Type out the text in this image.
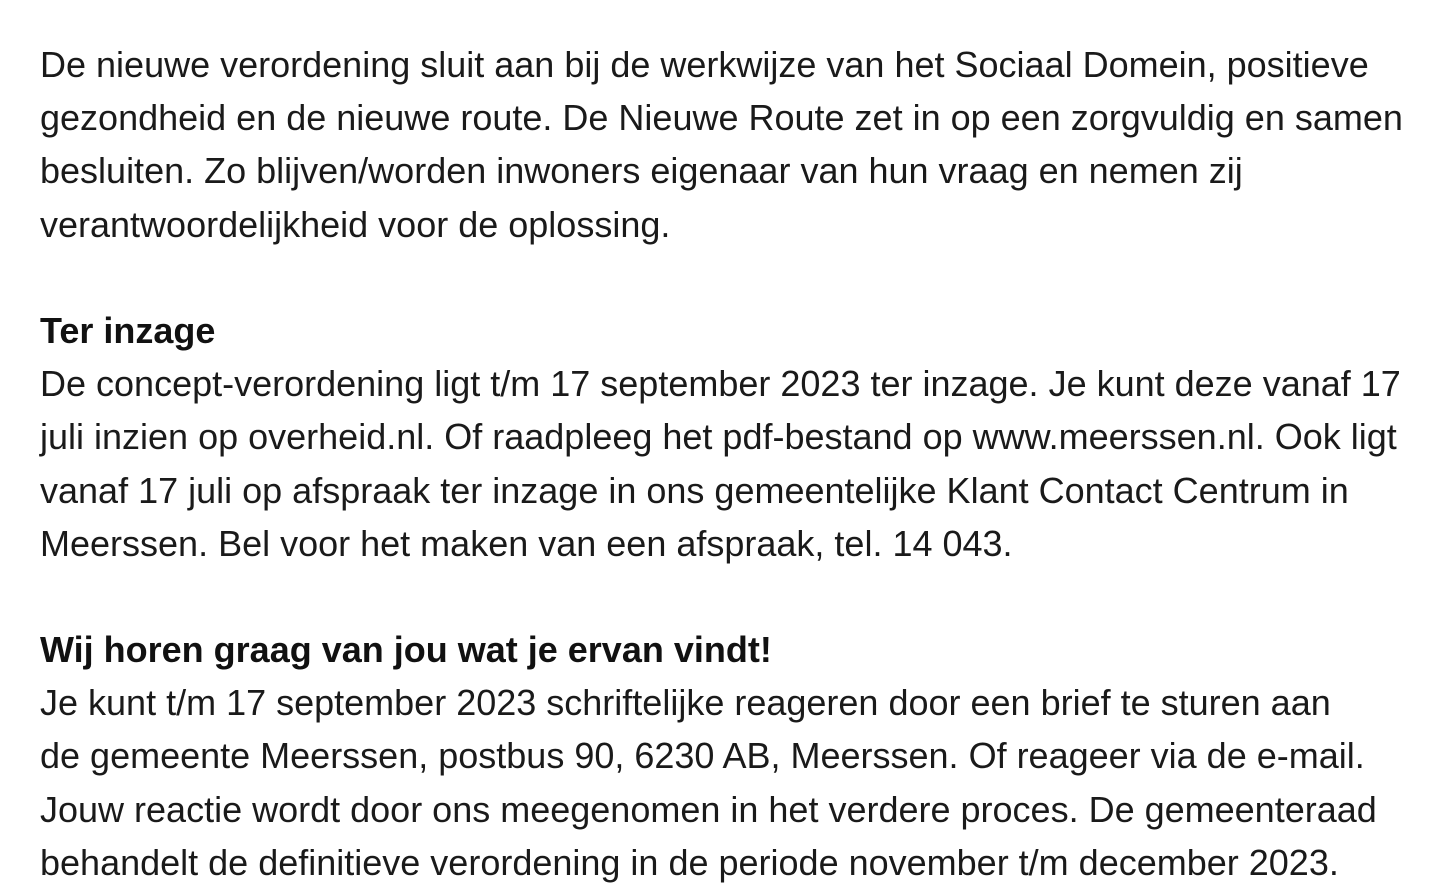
De nieuwe verordening sluit aan bij de werkwijze van het Sociaal Domein, positieve
gezondheid en de nieuwe route. De Nieuwe Route zet in op een zorgvuldig en samen
besluiten. Zo blijven/worden inwoners eigenaar van hun vraag en nemen zij
verantwoordelijkheid voor de oplossing.
Ter inzage
De concept-verordening ligt t/m 17 september 2023 ter inzage. Je kunt deze vanaf 17
juli inzien op overheid.nl. Of raadpleeg het pdf-bestand op www.meerssen.nl. Ook ligt
vanaf 17 juli op afspraak ter inzage in ons gemeentelijke Klant Contact Centrum in
Meerssen. Bel voor het maken van een afspraak, tel. 14 043.
Wij horen graag van jou wat je ervan vindt!
Je kunt t/m 17 september 2023 schriftelijke reageren door een brief te sturen aan
de gemeente Meerssen, postbus 90, 6230 AB, Meerssen. Of reageer via de e-mail.
Jouw reactie wordt door ons meegenomen in het verdere proces. De gemeenteraad
behandelt de definitieve verordening in de periode november t/m december 2023.
